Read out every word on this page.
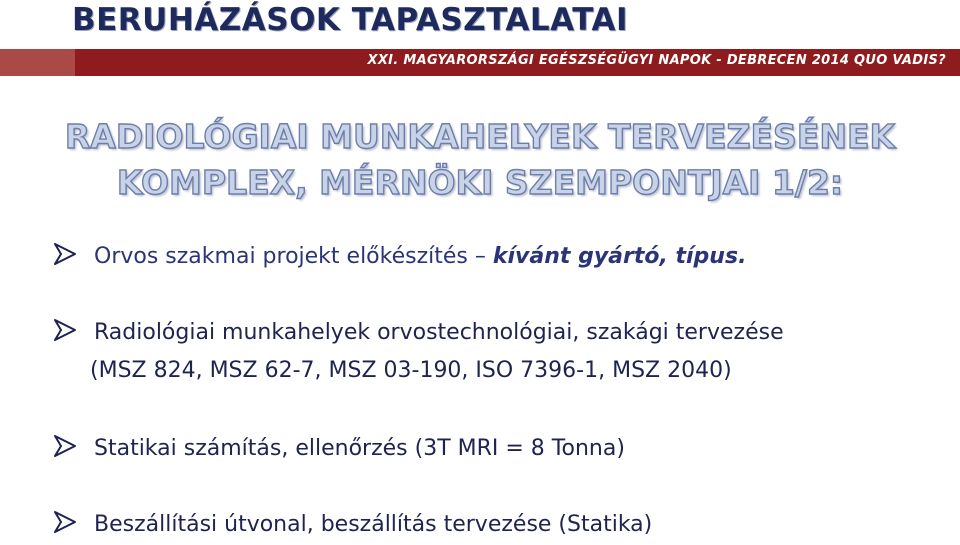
BERUHÁZÁSOK TAPASZTALATAI
XXI. MAGYARORSZÁGI EGÉSZSÉGÜGYI NAPOK - DEBRECEN 2014 QUO VADIS?
RADIOLÓGIAI MUNKAHELYEK TERVEZÉSÉNEK
KOMPLEX, MÉRNÖKI SZEMPONTJAI 1/2:
Orvos szakmai projekt előkészítés – kívánt gyártó, típus.
Radiológiai munkahelyek orvostechnológiai, szakági tervezése
(MSZ 824, MSZ 62-7, MSZ 03-190, ISO 7396-1, MSZ 2040)
Statikai számítás, ellenőrzés (3T MRI = 8 Tonna)
Beszállítási útvonal, beszállítás tervezése (Statika)
